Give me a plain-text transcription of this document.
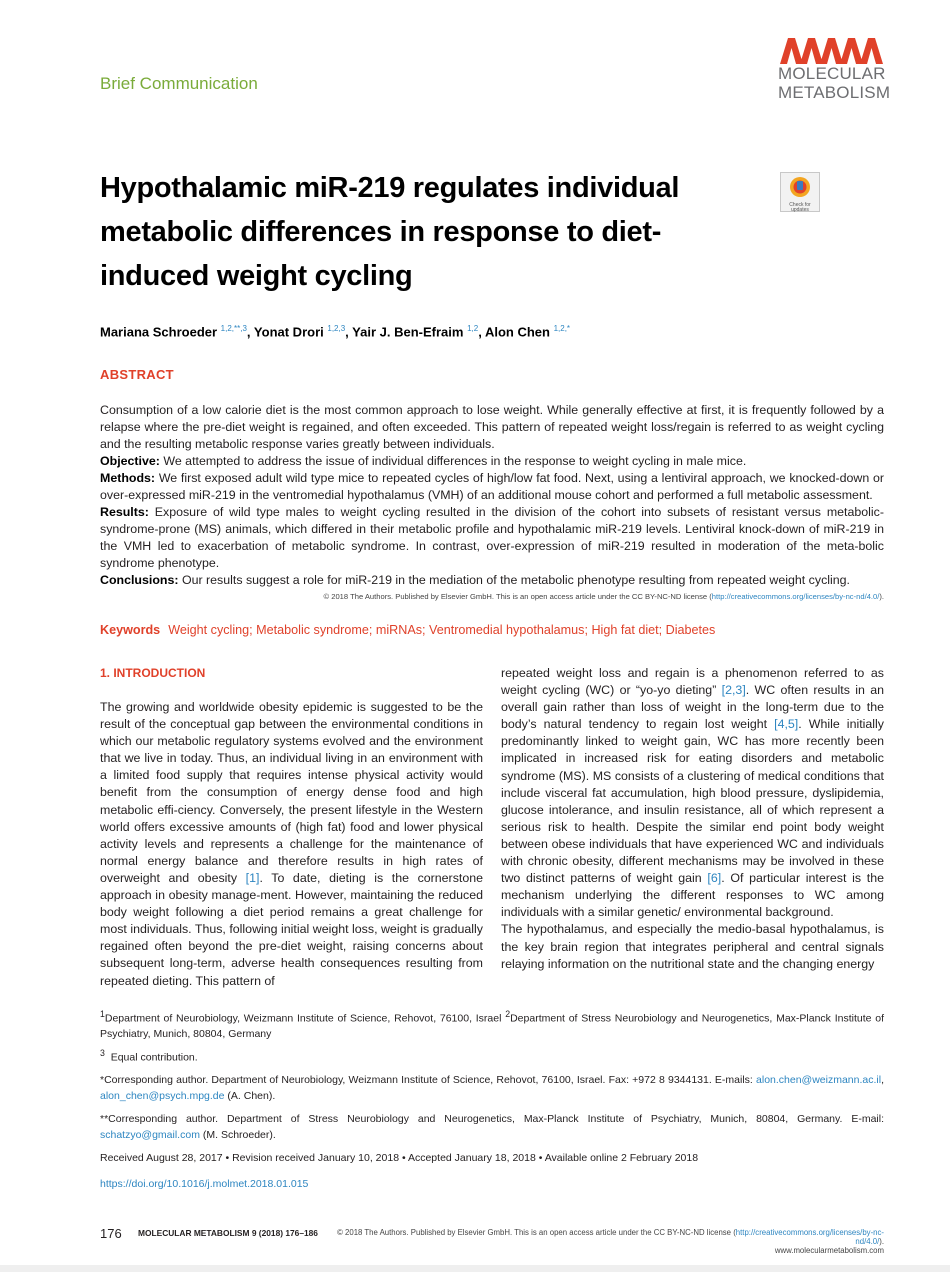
Brief Communication
MOLECULAR
METABOLISM
Hypothalamic miR-219 regulates individual metabolic differences in response to diet-induced weight cycling
Check for updates
Mariana Schroeder $^{1,2,**,3}$, Yonat Drori $^{1,2,3}$, Yair J. Ben-Efraim $^{1,2}$, Alon Chen $^{1,2,*}$
ABSTRACT

Consumption of a low calorie diet is the most common approach to lose weight. While generally effective at first, it is frequently followed by a relapse where the pre-diet weight is regained, and often exceeded. This pattern of repeated weight loss/regain is referred to as weight cycling and the resulting metabolic response varies greatly between individuals.

Objective: We attempted to address the issue of individual differences in the response to weight cycling in male mice.

Methods: We first exposed adult wild type mice to repeated cycles of high/low fat food. Next, using a lentiviral approach, we knocked-down or over-expressed miR-219 in the ventromedial hypothalamus (VMH) of an additional mouse cohort and performed a full metabolic assessment.

Results: Exposure of wild type males to weight cycling resulted in the division of the cohort into subsets of resistant versus metabolic-syndrome-prone (MS) animals, which differed in their metabolic profile and hypothalamic miR-219 levels. Lentiviral knock-down of miR-219 in the VMH led to exacerbation of metabolic syndrome. In contrast, over-expression of miR-219 resulted in moderation of the meta-bolic syndrome phenotype.

Conclusions: Our results suggest a role for miR-219 in the mediation of the metabolic phenotype resulting from repeated weight cycling.

© 2018 The Authors. Published by Elsevier GmbH. This is an open access article under the CC BY-NC-ND license (http://creativecommons.org/licenses/by-nc-nd/4.0/).
Keywords Weight cycling; Metabolic syndrome; miRNAs; Ventromedial hypothalamus; High fat diet; Diabetes
1. INTRODUCTION

The growing and worldwide obesity epidemic is suggested to be the result of the conceptual gap between the environmental conditions in which our metabolic regulatory systems evolved and the environment that we live in today. Thus, an individual living in an environment with a limited food supply that requires intense physical activity would benefit from the consumption of energy dense food and high metabolic effi-ciency. Conversely, the present lifestyle in the Western world offers excessive amounts of (high fat) food and lower physical activity levels and represents a challenge for the maintenance of normal energy balance and therefore results in high rates of overweight and obesity [1]. To date, dieting is the cornerstone approach in obesity manage-ment. However, maintaining the reduced body weight following a diet period remains a great challenge for most individuals. Thus, following initial weight loss, weight is gradually regained often beyond the pre-diet weight, raising concerns about subsequent long-term, adverse health consequences resulting from repeated dieting. This pattern of

repeated weight loss and regain is a phenomenon referred to as weight cycling (WC) or “yo-yo dieting” [2,3]. WC often results in an overall gain rather than loss of weight in the long-term due to the body’s natural tendency to regain lost weight [4,5]. While initially predominantly linked to weight gain, WC has more recently been implicated in increased risk for eating disorders and metabolic syndrome (MS). MS consists of a clustering of medical conditions that include visceral fat accumulation, high blood pressure, dyslipidemia, glucose intolerance, and insulin resistance, all of which represent a serious risk to health. Despite the similar end point body weight between obese individuals that have experienced WC and individuals with chronic obesity, different mechanisms may be involved in these two distinct patterns of weight gain [6]. Of particular interest is the mechanism underlying the different responses to WC among individuals with a similar genetic/ environmental background.

The hypothalamus, and especially the medio-basal hypothalamus, is the key brain region that integrates peripheral and central signals relaying information on the nutritional state and the changing energy

$^1$Department of Neurobiology, Weizmann Institute of Science, Rehovot, 76100, Israel $^2$Department of Stress Neurobiology and Neurogenetics, Max-Planck Institute of Psychiatry, Munich, 80804, Germany

$^3$ Equal contribution.

*Corresponding author. Department of Neurobiology, Weizmann Institute of Science, Rehovot, 76100, Israel. Fax: +972 8 9344131. E-mails: alon.chen@weizmann.ac.il, alon_chen@psych.mpg.de (A. Chen).

**Corresponding author. Department of Stress Neurobiology and Neurogenetics, Max-Planck Institute of Psychiatry, Munich, 80804, Germany. E-mail: schatzyo@gmail.com (M. Schroeder).

Received August 28, 2017 • Revision received January 10, 2018 • Accepted January 18, 2018 • Available online 2 February 2018
https://doi.org/10.1016/j.molmet.2018.01.015
176 MOLECULAR METABOLISM 9 (2018) 176–186	© 2018 The Authors. Published by Elsevier GmbH. This is an open access article under the CC BY-NC-ND license (http://creativecommons.org/licenses/by-nc-nd/4.0/).
www.molecularmetabolism.com
